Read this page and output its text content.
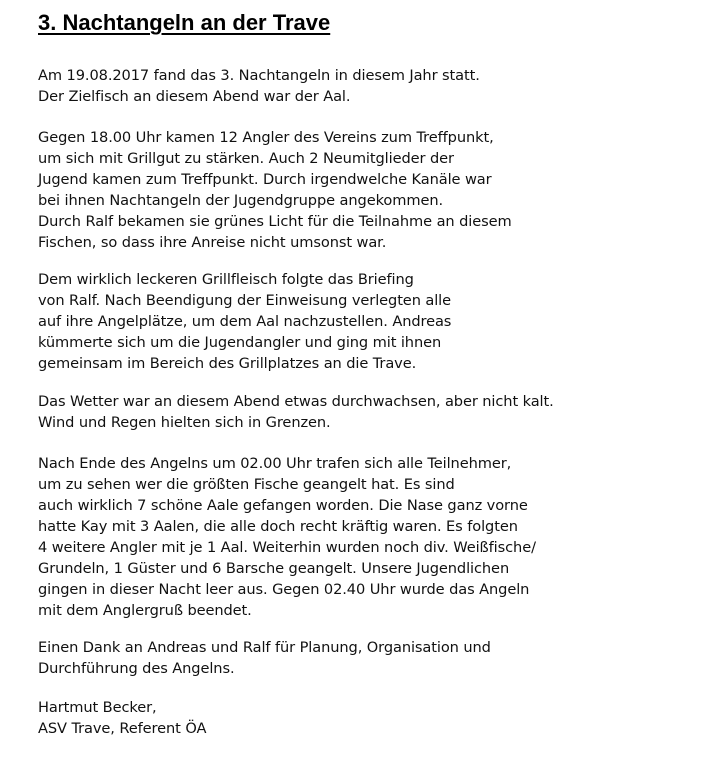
3. Nachtangeln an der Trave
Am 19.08.2017 fand das 3. Nachtangeln in diesem Jahr statt.
Der Zielfisch an diesem Abend war der Aal.
Gegen 18.00 Uhr kamen 12 Angler des Vereins zum Treffpunkt,
um sich mit Grillgut zu stärken. Auch 2 Neumitglieder der
Jugend kamen zum Treffpunkt. Durch irgendwelche Kanäle war
bei ihnen Nachtangeln der Jugendgruppe angekommen.
Durch Ralf bekamen sie grünes Licht für die Teilnahme an diesem
Fischen, so dass ihre Anreise nicht umsonst war.
Dem wirklich leckeren Grillfleisch folgte das Briefing
von Ralf. Nach Beendigung der Einweisung verlegten alle
auf ihre Angelplätze, um dem Aal nachzustellen. Andreas
kümmerte sich um die Jugendangler und ging mit ihnen
gemeinsam im Bereich des Grillplatzes an die Trave.
Das Wetter war an diesem Abend etwas durchwachsen, aber nicht kalt.
Wind und Regen hielten sich in Grenzen.
Nach Ende des Angelns um 02.00 Uhr trafen sich alle Teilnehmer,
um zu sehen wer die größten Fische geangelt hat. Es sind
auch wirklich 7 schöne Aale gefangen worden. Die Nase ganz vorne
hatte Kay mit 3 Aalen, die alle doch recht kräftig waren. Es folgten
4 weitere Angler mit je 1 Aal. Weiterhin wurden noch div. Weißfische/
Grundeln, 1 Güster und 6 Barsche geangelt. Unsere Jugendlichen
gingen in dieser Nacht leer aus. Gegen 02.40 Uhr wurde das Angeln
mit dem Anglergruß beendet.
Einen Dank an Andreas und Ralf für Planung, Organisation und
Durchführung des Angelns.
Hartmut Becker,
ASV Trave, Referent ÖA
